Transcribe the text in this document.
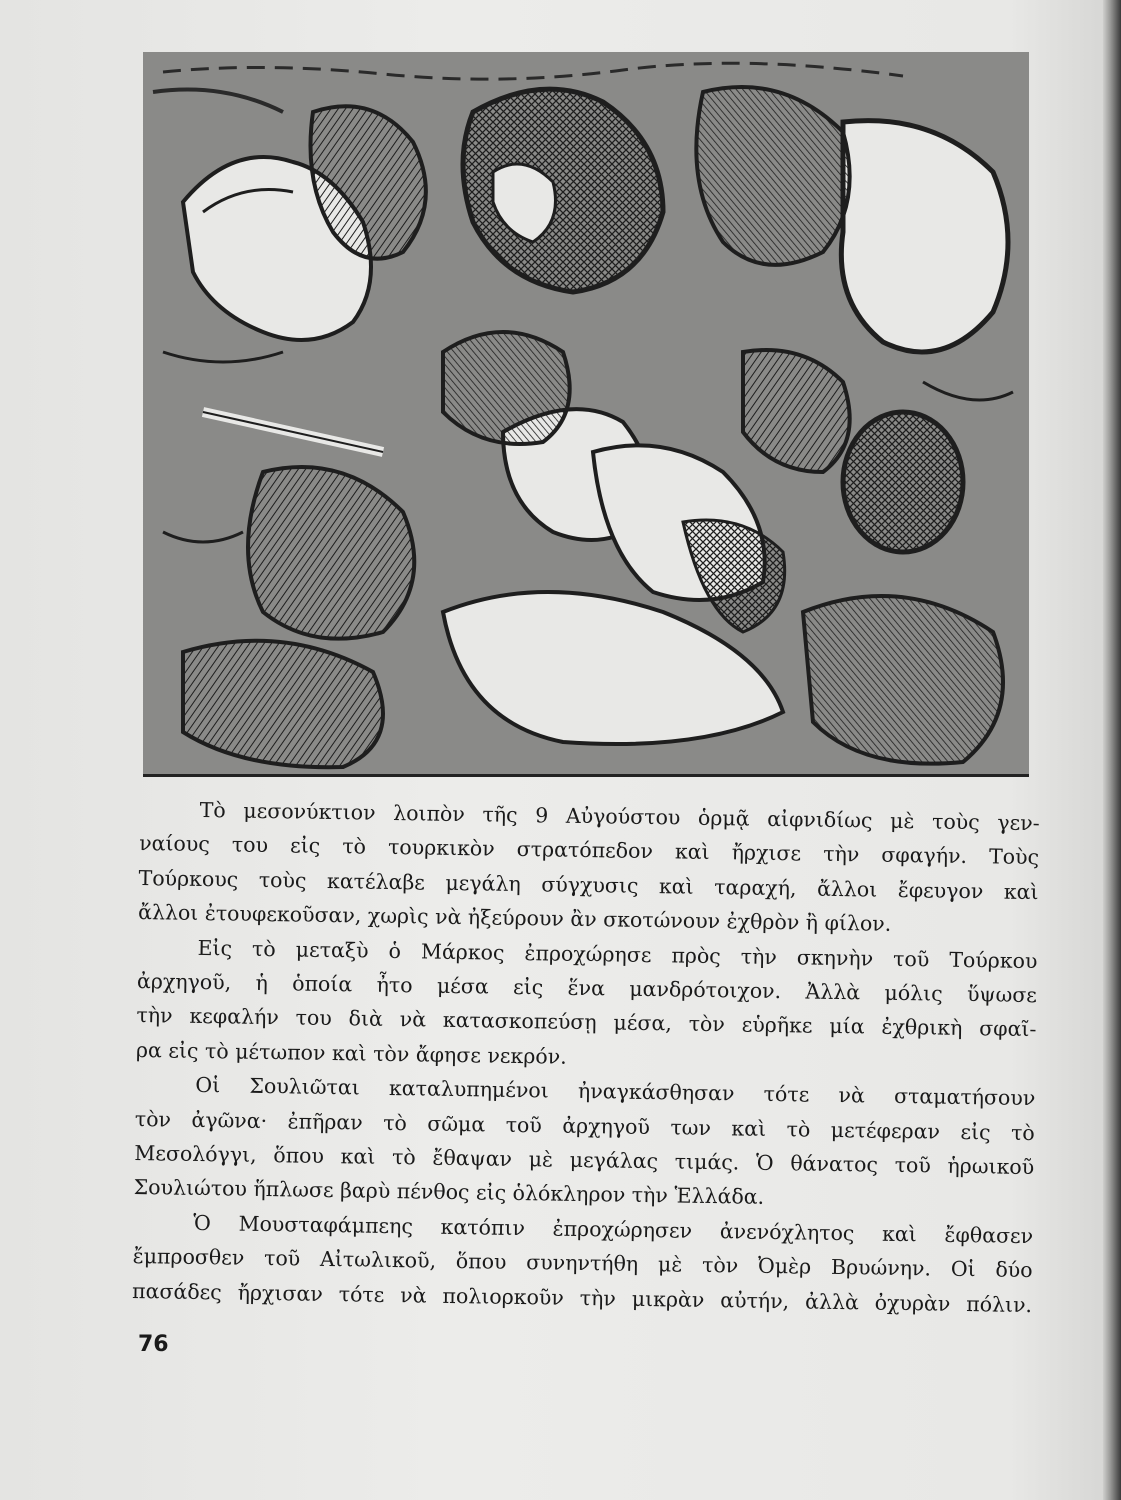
Τὸ μεσονύκτιον λοιπὸν τῆς 9 Αὐγούστου ὁρμᾷ αἰφνιδίως μὲ τοὺς γεν-
ναίους του εἰς τὸ τουρκικὸν στρατόπεδον καὶ ἤρχισε τὴν σφαγήν. Τοὺς
Τούρκους τοὺς κατέλαβε μεγάλη σύγχυσις καὶ ταραχή, ἄλλοι ἔφευγον καὶ
ἄλλοι ἐτουφεκοῦσαν, χωρὶς νὰ ἠξεύρουν ἂν σκοτώνουν ἐχθρὸν ἢ φίλον.

Εἰς τὸ μεταξὺ ὁ Μάρκος ἐπροχώρησε πρὸς τὴν σκηνὴν τοῦ Τούρκου
ἀρχηγοῦ, ἡ ὁποία ἦτο μέσα εἰς ἕνα μανδρότοιχον. Ἀλλὰ μόλις ὕψωσε
τὴν κεφαλήν του διὰ νὰ κατασκοπεύσῃ μέσα, τὸν εὑρῆκε μία ἐχθρικὴ σφαῖ-
ρα εἰς τὸ μέτωπον καὶ τὸν ἄφησε νεκρόν.

Οἱ Σουλιῶται καταλυπημένοι ἠναγκάσθησαν τότε νὰ σταματήσουν
τὸν ἀγῶνα· ἐπῆραν τὸ σῶμα τοῦ ἀρχηγοῦ των καὶ τὸ μετέφεραν εἰς τὸ
Μεσολόγγι, ὅπου καὶ τὸ ἔθαψαν μὲ μεγάλας τιμάς. Ὁ θάνατος τοῦ ἡρωικοῦ
Σουλιώτου ἥπλωσε βαρὺ πένθος εἰς ὁλόκληρον τὴν Ἑλλάδα.

Ὁ Μουσταφάμπεης κατόπιν ἐπροχώρησεν ἀνενόχλητος καὶ ἔφθασεν
ἔμπροσθεν τοῦ Αἰτωλικοῦ, ὅπου συνηντήθη μὲ τὸν Ὀμὲρ Βρυώνην. Οἱ δύο
πασάδες ἤρχισαν τότε νὰ πολιορκοῦν τὴν μικρὰν αὐτήν, ἀλλὰ ὀχυρὰν πόλιν.

76
